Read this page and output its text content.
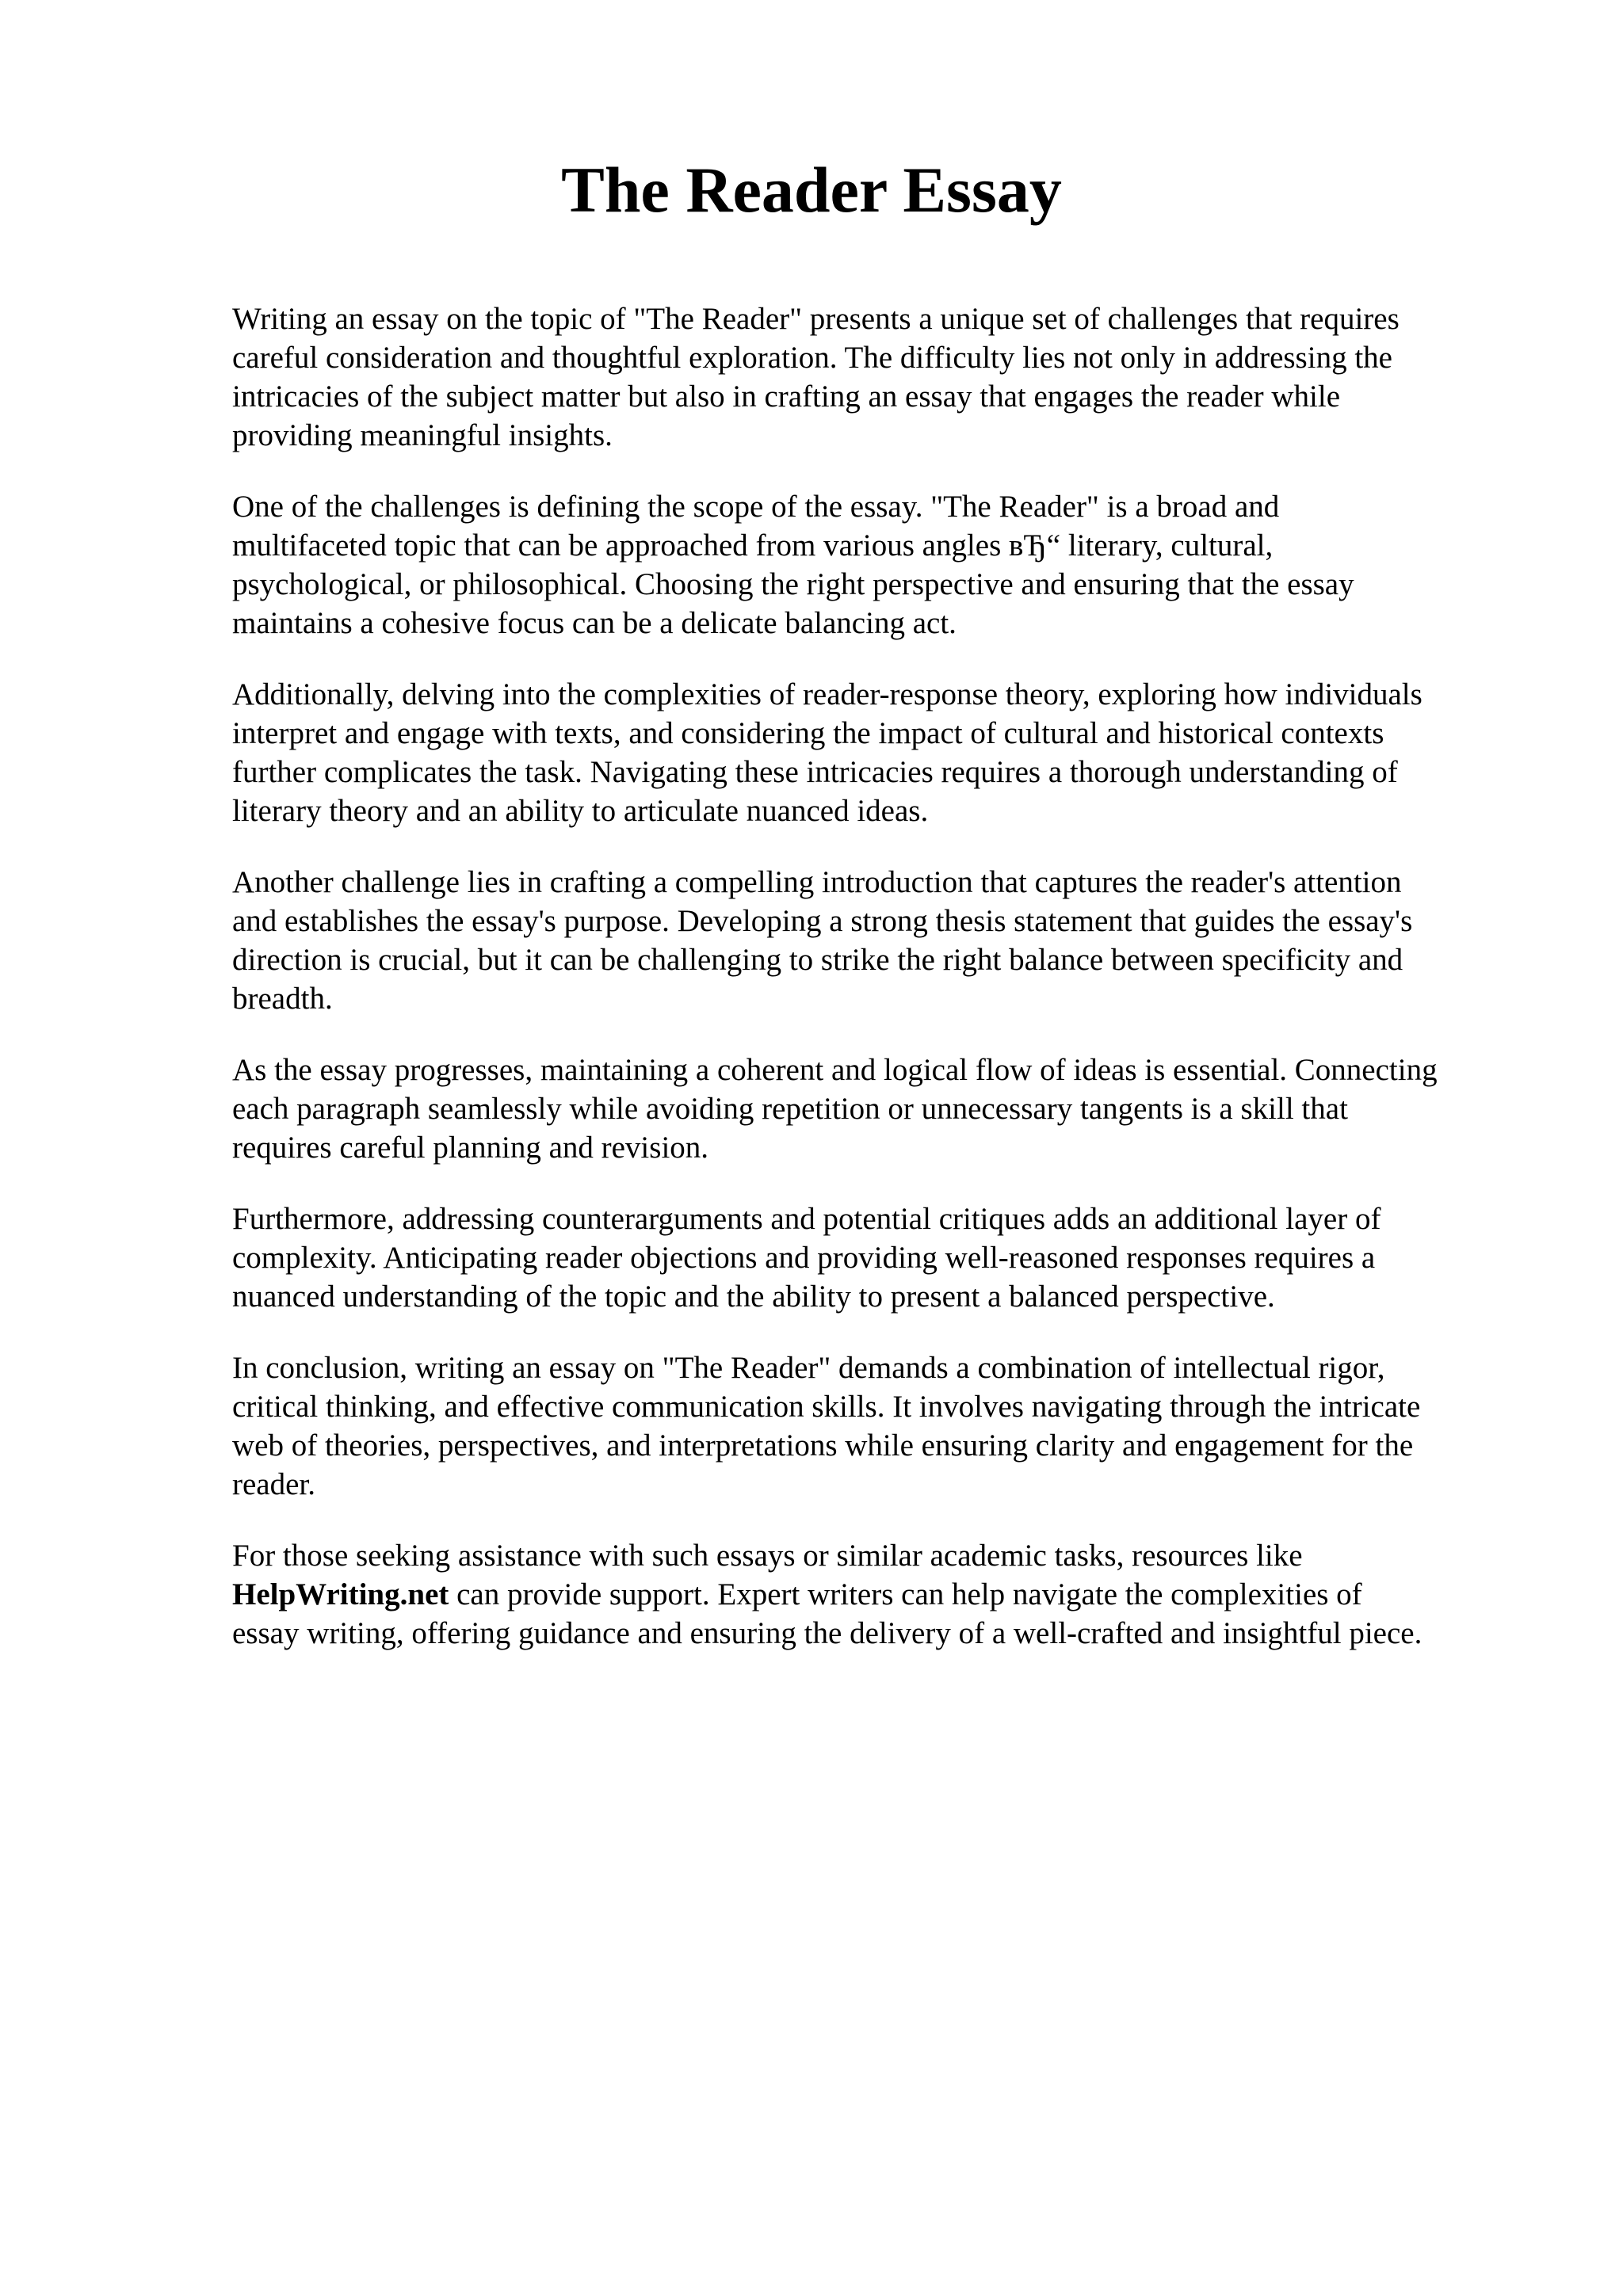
The Reader Essay

Writing an essay on the topic of "The Reader" presents a unique set of challenges that requires
careful consideration and thoughtful exploration. The difficulty lies not only in addressing the
intricacies of the subject matter but also in crafting an essay that engages the reader while
providing meaningful insights.

One of the challenges is defining the scope of the essay. "The Reader" is a broad and
multifaceted topic that can be approached from various angles вЂ“ literary, cultural,
psychological, or philosophical. Choosing the right perspective and ensuring that the essay
maintains a cohesive focus can be a delicate balancing act.

Additionally, delving into the complexities of reader-response theory, exploring how individuals
interpret and engage with texts, and considering the impact of cultural and historical contexts
further complicates the task. Navigating these intricacies requires a thorough understanding of
literary theory and an ability to articulate nuanced ideas.

Another challenge lies in crafting a compelling introduction that captures the reader's attention
and establishes the essay's purpose. Developing a strong thesis statement that guides the essay's
direction is crucial, but it can be challenging to strike the right balance between specificity and
breadth.

As the essay progresses, maintaining a coherent and logical flow of ideas is essential. Connecting
each paragraph seamlessly while avoiding repetition or unnecessary tangents is a skill that
requires careful planning and revision.

Furthermore, addressing counterarguments and potential critiques adds an additional layer of
complexity. Anticipating reader objections and providing well-reasoned responses requires a
nuanced understanding of the topic and the ability to present a balanced perspective.

In conclusion, writing an essay on "The Reader" demands a combination of intellectual rigor,
critical thinking, and effective communication skills. It involves navigating through the intricate
web of theories, perspectives, and interpretations while ensuring clarity and engagement for the
reader.

For those seeking assistance with such essays or similar academic tasks, resources like
HelpWriting.net can provide support. Expert writers can help navigate the complexities of
essay writing, offering guidance and ensuring the delivery of a well-crafted and insightful piece.
